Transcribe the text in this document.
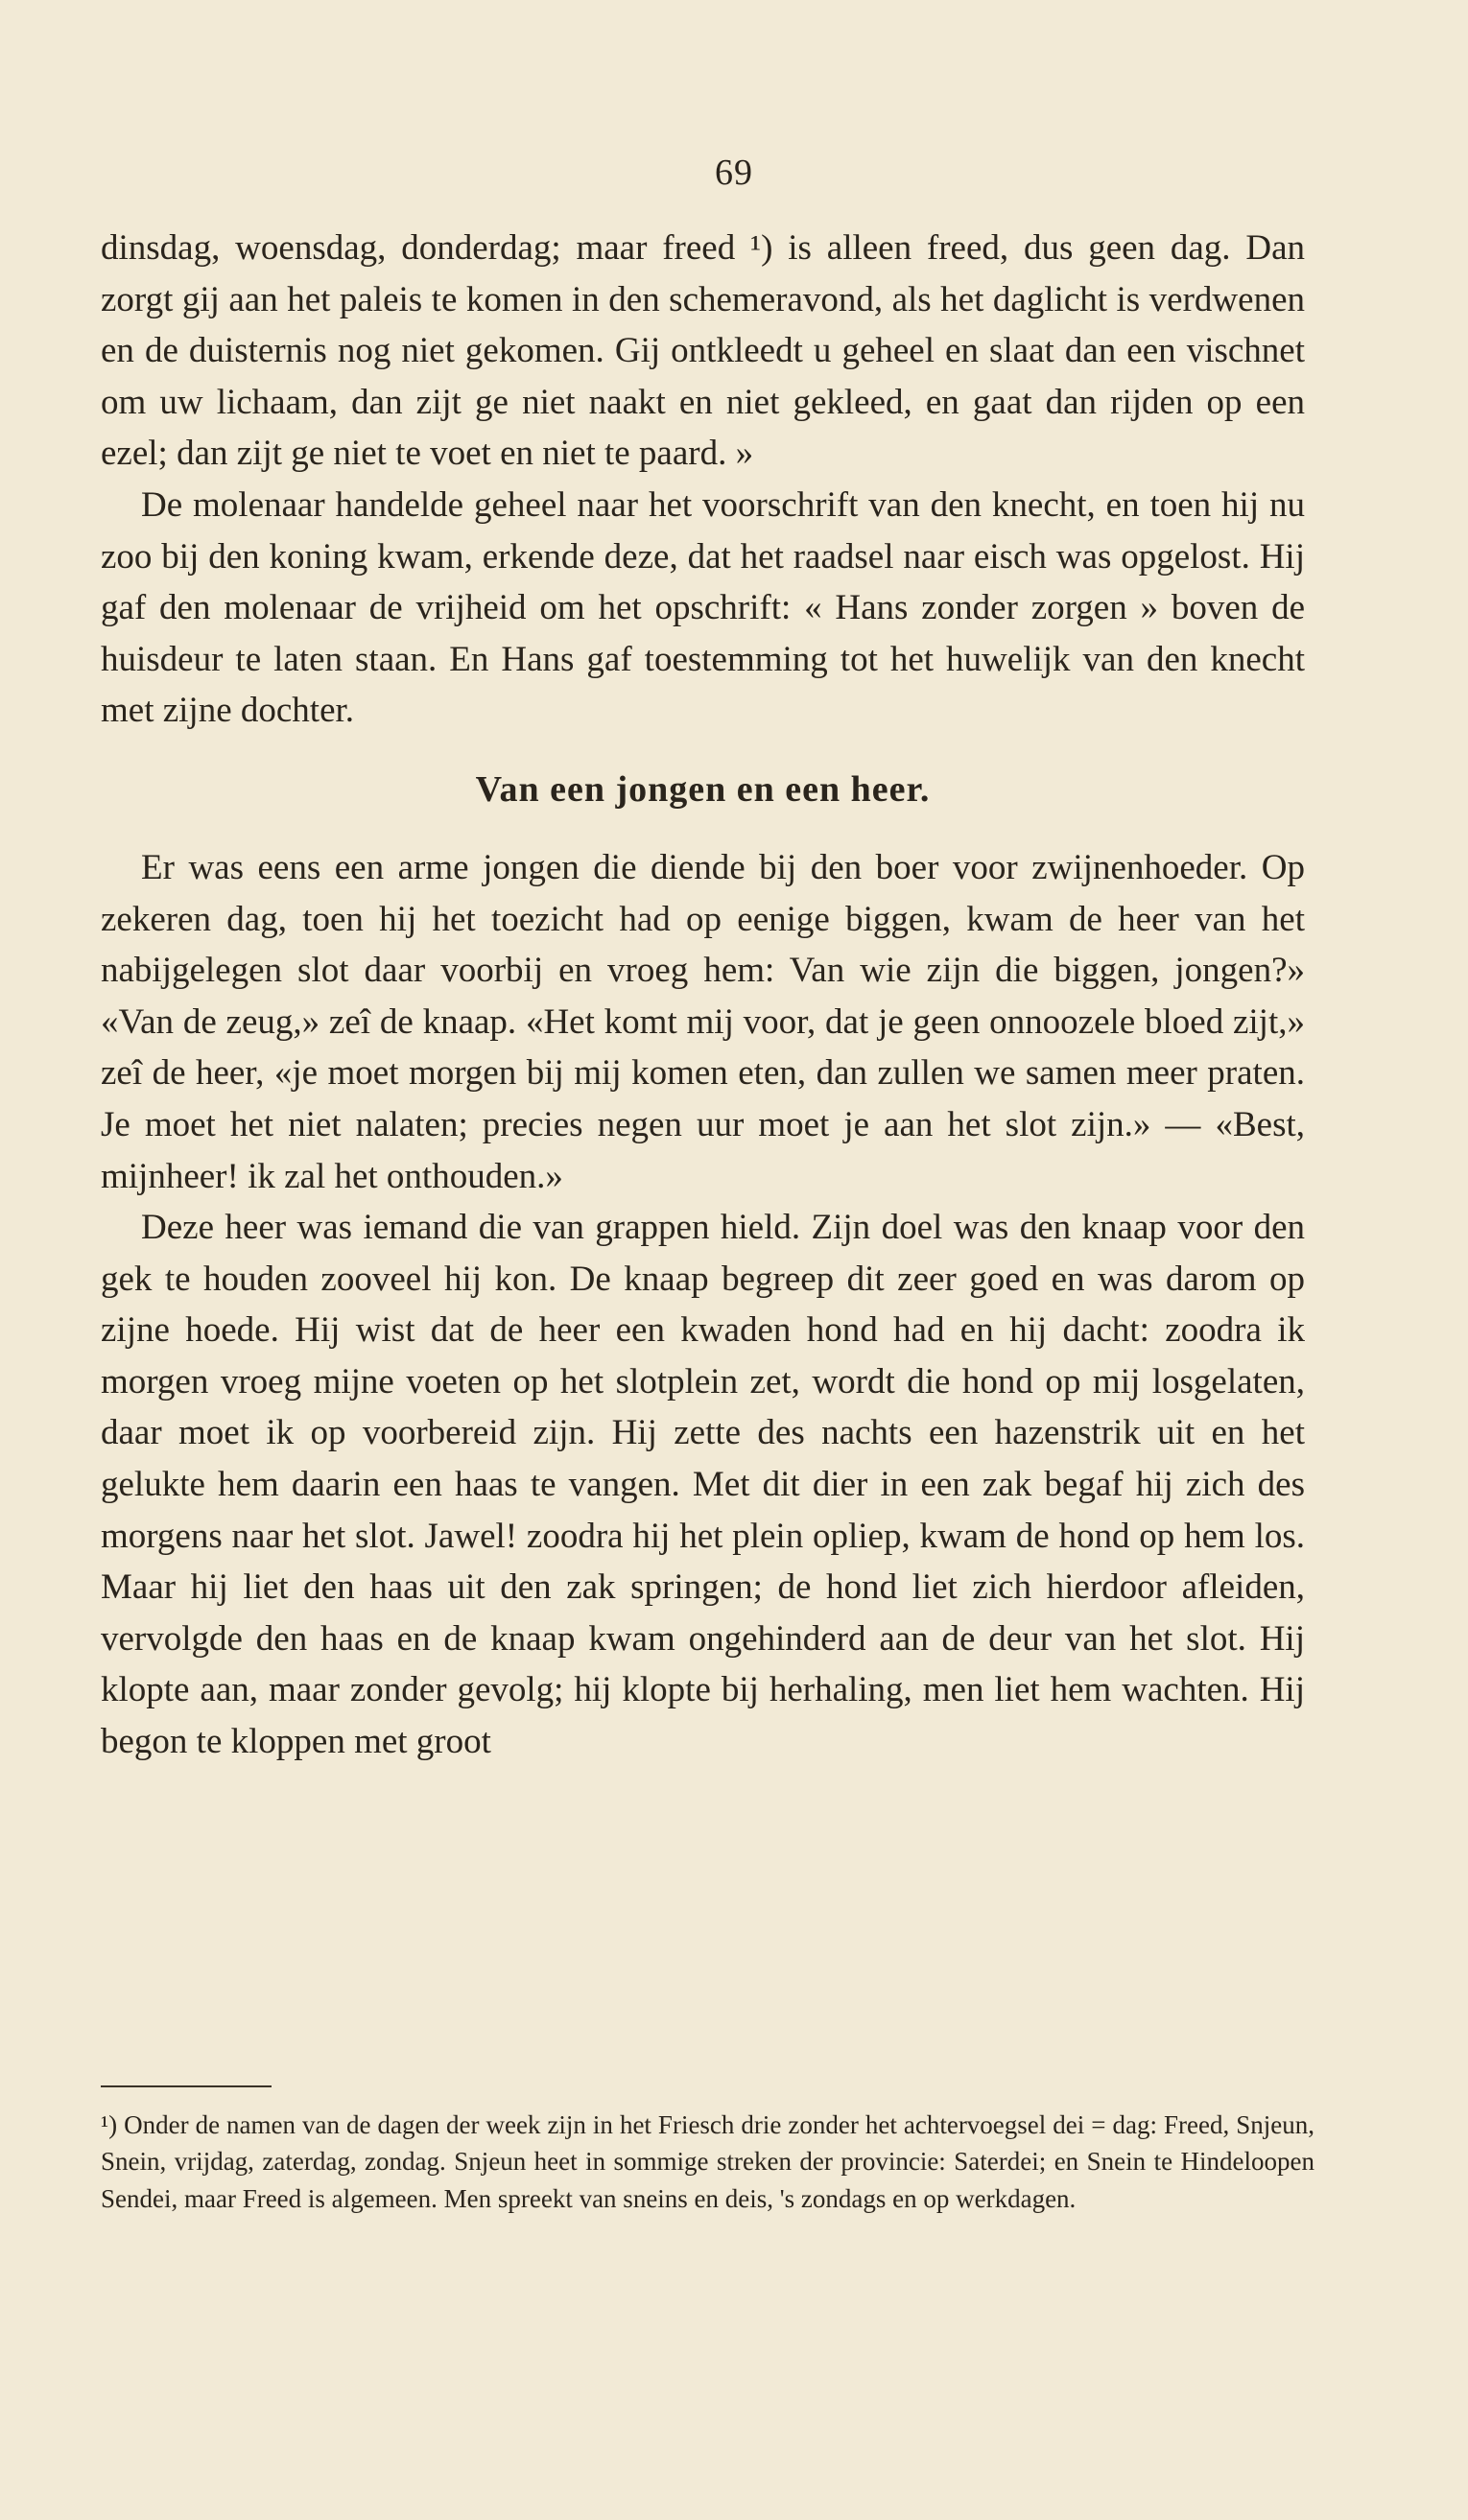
69

dinsdag, woensdag, donderdag; maar freed ¹) is alleen freed, dus geen dag. Dan zorgt gij aan het paleis te komen in den schemeravond, als het daglicht is verdwenen en de duisternis nog niet gekomen. Gij ontkleedt u geheel en slaat dan een vischnet om uw lichaam, dan zijt ge niet naakt en niet gekleed, en gaat dan rijden op een ezel; dan zijt ge niet te voet en niet te paard. »

De molenaar handelde geheel naar het voorschrift van den knecht, en toen hij nu zoo bij den koning kwam, erkende deze, dat het raadsel naar eisch was opgelost. Hij gaf den molenaar de vrijheid om het opschrift: « Hans zonder zorgen » boven de huisdeur te laten staan. En Hans gaf toestemming tot het huwelijk van den knecht met zijne dochter.

Van een jongen en een heer.

Er was eens een arme jongen die diende bij den boer voor zwijnenhoeder. Op zekeren dag, toen hij het toezicht had op eenige biggen, kwam de heer van het nabijgelegen slot daar voorbij en vroeg hem: Van wie zijn die biggen, jongen?» «Van de zeug,» zeî de knaap. «Het komt mij voor, dat je geen onnoozele bloed zijt,» zeî de heer, «je moet morgen bij mij komen eten, dan zullen we samen meer praten. Je moet het niet nalaten; precies negen uur moet je aan het slot zijn.» — «Best, mijnheer! ik zal het onthouden.»

Deze heer was iemand die van grappen hield. Zijn doel was den knaap voor den gek te houden zooveel hij kon. De knaap begreep dit zeer goed en was darom op zijne hoede. Hij wist dat de heer een kwaden hond had en hij dacht: zoodra ik morgen vroeg mijne voeten op het slotplein zet, wordt die hond op mij losgelaten, daar moet ik op voorbereid zijn. Hij zette des nachts een hazenstrik uit en het gelukte hem daarin een haas te vangen. Met dit dier in een zak begaf hij zich des morgens naar het slot. Jawel! zoodra hij het plein opliep, kwam de hond op hem los. Maar hij liet den haas uit den zak springen; de hond liet zich hierdoor afleiden, vervolgde den haas en de knaap kwam ongehinderd aan de deur van het slot. Hij klopte aan, maar zonder gevolg; hij klopte bij herhaling, men liet hem wachten. Hij begon te kloppen met groot

¹) Onder de namen van de dagen der week zijn in het Friesch drie zonder het achtervoegsel dei = dag: Freed, Snjeun, Snein, vrijdag, zaterdag, zondag. Snjeun heet in sommige streken der provincie: Saterdei; en Snein te Hindeloopen Sendei, maar Freed is algemeen. Men spreekt van sneins en deis, 's zondags en op werkdagen.
